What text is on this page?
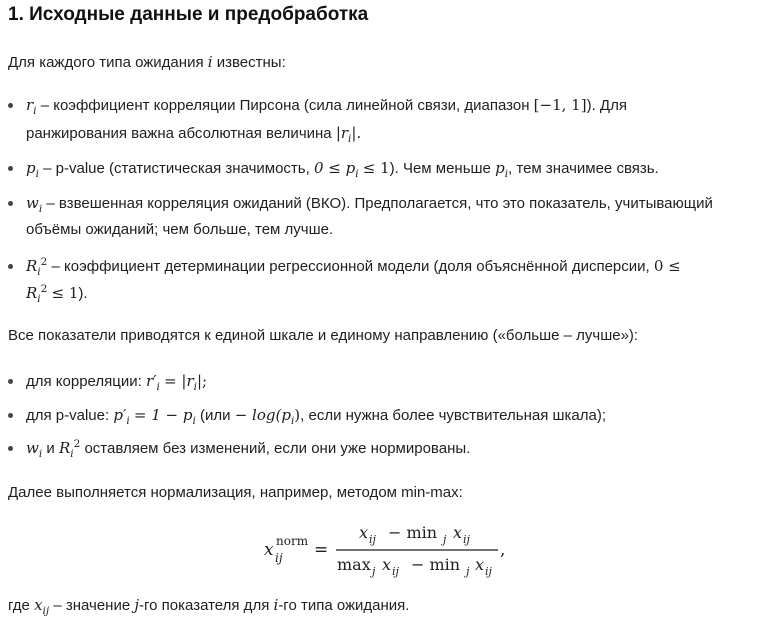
1. Исходные данные и предобработка
Для каждого типа ожидания i известны:
$r_i$ – коэффициент корреляции Пирсона (сила линейной связи, диапазон [−1, 1]). Для
ранжирования важна абсолютная величина $|r_i|$.
$p_i$ – p-value (статистическая значимость, $0 \le p_i \le 1$). Чем меньше $p_i$, тем значимее связь.
$w_i$ – взвешенная корреляция ожиданий (ВКО). Предполагается, что это показатель, учитывающий
объёмы ожиданий; чем больше, тем лучше.
$R_i^2$ – коэффициент детерминации регрессионной модели (доля объяснённой дисперсии, 0 ≤
$R_i^2 \le 1$).
Все показатели приводятся к единой шкале и единому направлению («больше – лучше»):
для корреляции: $r'_i = |r_i|$;
для p-value: $p'_i = 1 - p_i$ ($или - \log(p_i)$, если нужна более чувствительная шкала);
$w_i$ и $R_i^2$ оставляем без изменений, если они уже нормированы.
Далее выполняется нормализация, например, методом min-max:
x ij
norm =
x ij − min j x ij
max j x ij − min j x ij
,
где $x_{ij}$ – значение j-го показателя для i-го типа ожидания.
